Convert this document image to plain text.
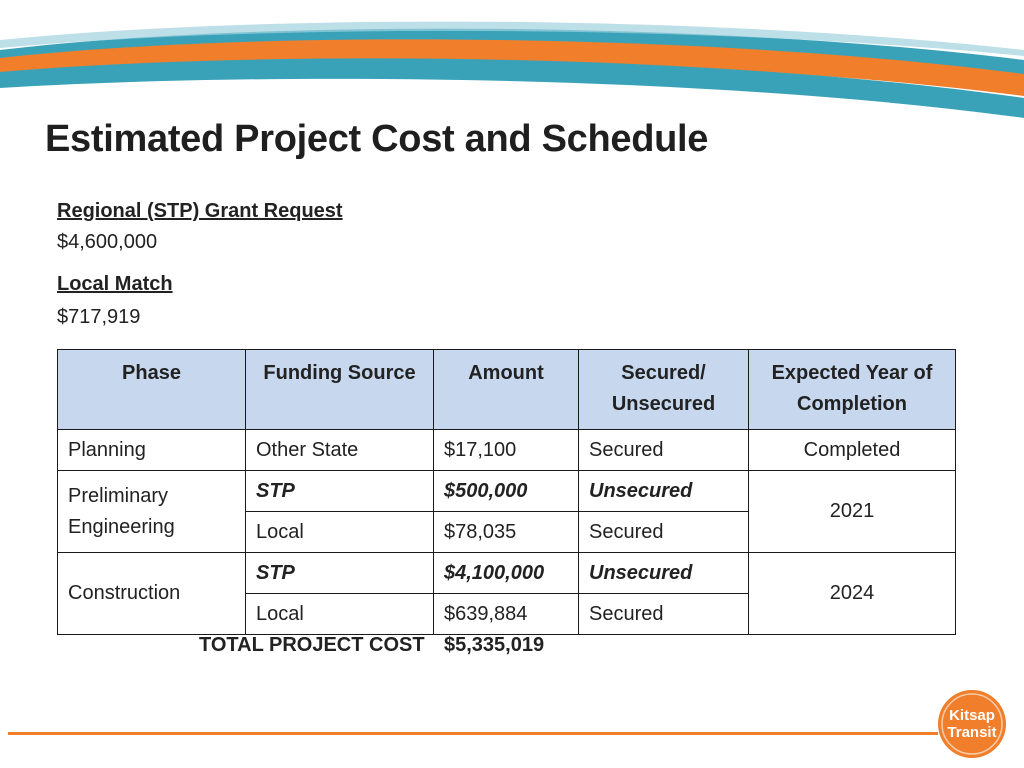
Estimated Project Cost and Schedule
Regional (STP) Grant Request
$4,600,000
Local Match
$717,919
Phase	Funding Source	Amount	Secured/ Unsecured	Expected Year of Completion
Planning	Other State	$17,100	Secured	Completed
Preliminary Engineering	STP	$500,000	Unsecured	2021
	Local	$78,035	Secured	
Construction	STP	$4,100,000	Unsecured	2024
	Local	$639,884	Secured	
TOTAL PROJECT COST $5,335,019
Kitsap
Transit
